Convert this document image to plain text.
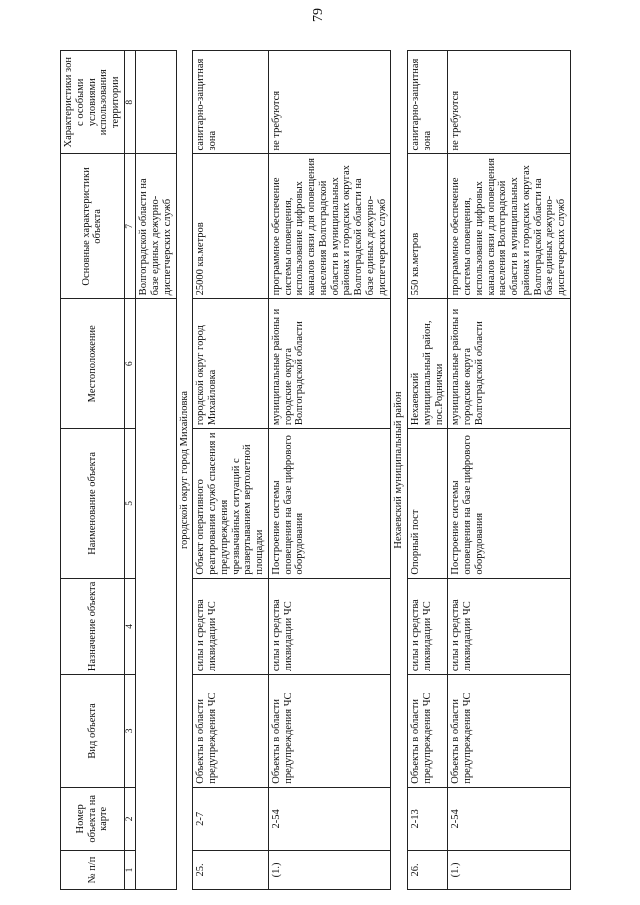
79
№ п/п	Номер объекта на карте	Вид объекта	Назначение объекта	Наименование объекта	Местоположение	Основные характеристики объекта	Характеристики зон с особыми условиями использования территории
1	2	3	4	5	6	7	8
						Волгоградской области на базе единых дежурно-диспетчерских служб	
городской округ город Михайловка							
25.	2-7	Объекты в области предупреждения ЧС	силы и средства ликвидации ЧС	Объект оперативного реагирования служб спасения и предупреждения чрезвычайных ситуаций с развертыванием вертолетной площадки	городской округ город Михайловка	25000 кв.метров	санитарно-защитная зона
(1.)	2-54	Объекты в области предупреждения ЧС	силы и средства ликвидации ЧС	Построение системы оповещения на базе цифрового оборудования	муниципальные районы и городские округа Волгоградской области	программное обеспечение системы оповещения, использование цифровых каналов связи для оповещения населения Волгоградской области в муниципальных районах и городских округах Волгоградской области на базе единых дежурно-диспетчерских служб	не требуются
Нехаевский муниципальный район							
26.	2-13	Объекты в области предупреждения ЧС	силы и средства ликвидации ЧС	Опорный пост	Нехаевский муниципальный район, пос.Роднички	550 кв.метров	санитарно-защитная зона
(1.)	2-54	Объекты в области предупреждения ЧС	силы и средства ликвидации ЧС	Построение системы оповещения на базе цифрового оборудования	муниципальные районы и городские округа Волгоградской области	программное обеспечение системы оповещения, использование цифровых каналов связи для оповещения населения Волгоградской области в муниципальных районах и городских округах Волгоградской области на базе единых дежурно-диспетчерских служб	не требуются
